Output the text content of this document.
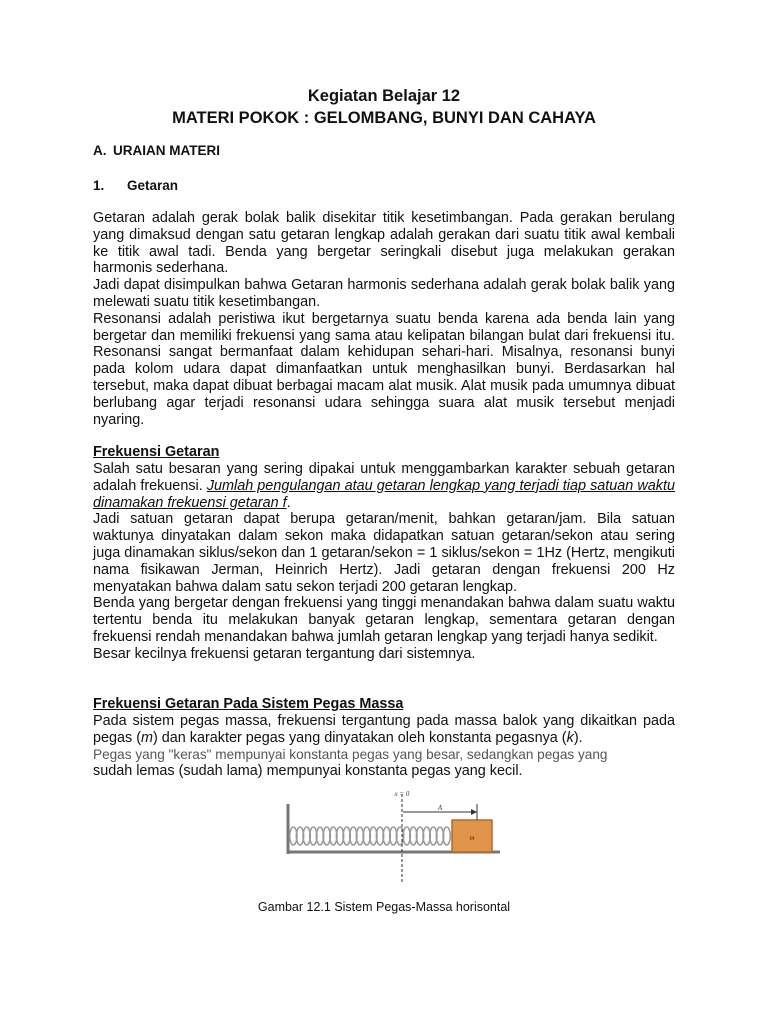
Kegiatan Belajar 12
MATERI POKOK : GELOMBANG, BUNYI DAN CAHAYA
A. URAIAN MATERI
1. Getaran

Getaran adalah gerak bolak balik disekitar titik kesetimbangan. Pada gerakan berulang yang dimaksud dengan satu getaran lengkap adalah gerakan dari suatu titik awal kembali ke titik awal tadi. Benda yang bergetar seringkali disebut juga melakukan gerakan harmonis sederhana.

Jadi dapat disimpulkan bahwa Getaran harmonis sederhana adalah gerak bolak balik yang melewati suatu titik kesetimbangan.

Resonansi adalah peristiwa ikut bergetarnya suatu benda karena ada benda lain yang bergetar dan memiliki frekuensi yang sama atau kelipatan bilangan bulat dari frekuensi itu. Resonansi sangat bermanfaat dalam kehidupan sehari-hari. Misalnya, resonansi bunyi pada kolom udara dapat dimanfaatkan untuk menghasilkan bunyi. Berdasarkan hal tersebut, maka dapat dibuat berbagai macam alat musik. Alat musik pada umumnya dibuat berlubang agar terjadi resonansi udara sehingga suara alat musik tersebut menjadi nyaring.

Frekuensi Getaran

Salah satu besaran yang sering dipakai untuk menggambarkan karakter sebuah getaran adalah frekuensi. Jumlah pengulangan atau getaran lengkap yang terjadi tiap satuan waktu dinamakan frekuensi getaran f.

Jadi satuan getaran dapat berupa getaran/menit, bahkan getaran/jam. Bila satuan waktunya dinyatakan dalam sekon maka didapatkan satuan getaran/sekon atau sering juga dinamakan siklus/sekon dan 1 getaran/sekon = 1 siklus/sekon = 1Hz (Hertz, mengikuti nama fisikawan Jerman, Heinrich Hertz). Jadi getaran dengan frekuensi 200 Hz menyatakan bahwa dalam satu sekon terjadi 200 getaran lengkap.

Benda yang bergetar dengan frekuensi yang tinggi menandakan bahwa dalam suatu waktu tertentu benda itu melakukan banyak getaran lengkap, sementara getaran dengan frekuensi rendah menandakan bahwa jumlah getaran lengkap yang terjadi hanya sedikit.

Besar kecilnya frekuensi getaran tergantung dari sistemnya.

Frekuensi Getaran Pada Sistem Pegas Massa

Pada sistem pegas massa, frekuensi tergantung pada massa balok yang dikaitkan pada pegas (m) dan karakter pegas yang dinyatakan oleh konstanta pegasnya (k).

Pegas yang "keras" mempunyai konstanta pegas yang besar, sedangkan pegas yang

sudah lemas (sudah lama) mempunyai konstanta pegas yang kecil.

m
x = 0
A
Gambar 12.1 Sistem Pegas-Massa horisontal
